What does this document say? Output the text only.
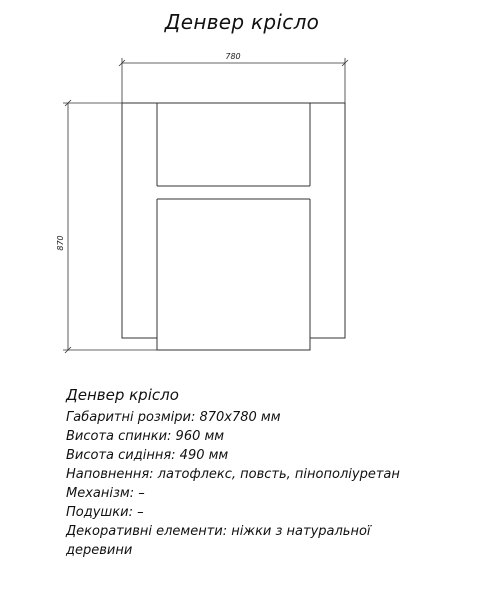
Денвер крісло
780
870
Денвер крісло
Габаритні розміри: 870х780 мм
Висота спинки: 960 мм
Висота сидіння: 490 мм
Наповнення: латофлекс, повсть, пінополіуретан
Механізм: –
Подушки: –
Декоративні елементи: ніжки з натуральної деревини
